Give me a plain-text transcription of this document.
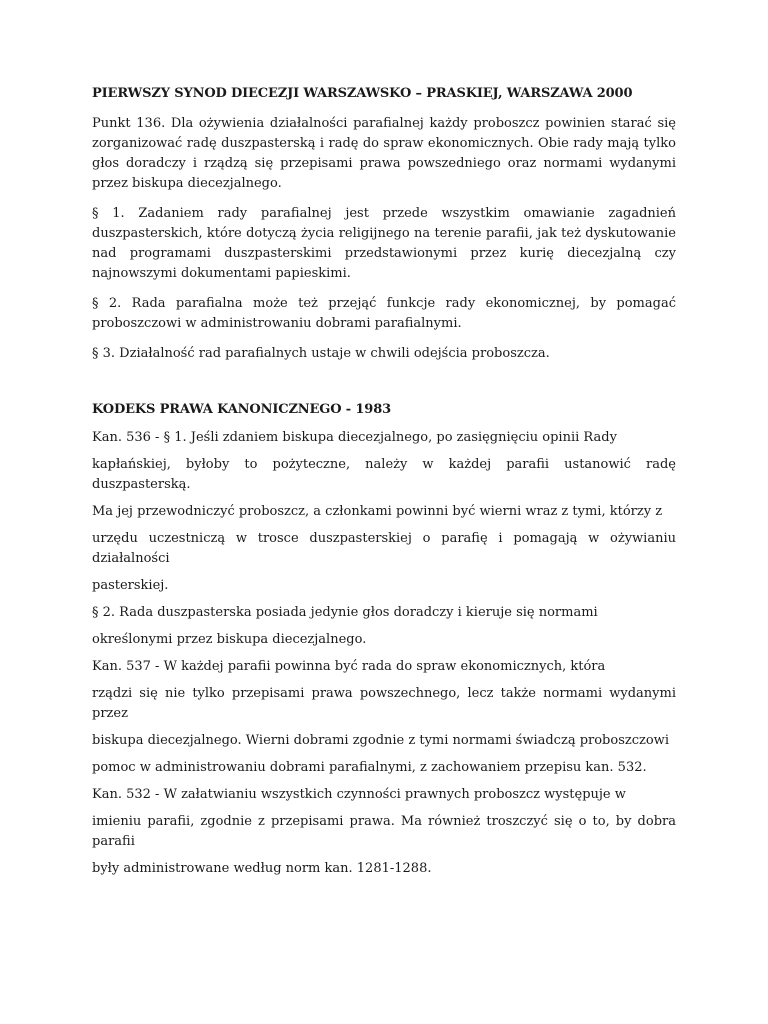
PIERWSZY SYNOD DIECEZJI WARSZAWSKO – PRASKIEJ, WARSZAWA 2000

Punkt 136. Dla ożywienia działalności parafialnej każdy proboszcz powinien starać się zorganizować radę duszpasterską i radę do spraw ekonomicznych. Obie rady mają tylko głos doradczy i rządzą się przepisami prawa powszedniego oraz normami wydanymi przez biskupa diecezjalnego.

§ 1. Zadaniem rady parafialnej jest przede wszystkim omawianie zagadnień duszpasterskich, które dotyczą życia religijnego na terenie parafii, jak też dyskutowanie nad programami duszpasterskimi przedstawionymi przez kurię diecezjalną czy najnowszymi dokumentami papieskimi.

§ 2. Rada parafialna może też przejąć funkcje rady ekonomicznej, by pomagać proboszczowi w administrowaniu dobrami parafialnymi.

§ 3. Działalność rad parafialnych ustaje w chwili odejścia proboszcza.

KODEKS PRAWA KANONICZNEGO - 1983

Kan. 536 - § 1. Jeśli zdaniem biskupa diecezjalnego, po zasięgnięciu opinii Rady

kapłańskiej, byłoby to pożyteczne, należy w każdej parafii ustanowić radę duszpasterską.

Ma jej przewodniczyć proboszcz, a członkami powinni być wierni wraz z tymi, którzy z

urzędu uczestniczą w trosce duszpasterskiej o parafię i pomagają w ożywianiu działalności

pasterskiej.

§ 2. Rada duszpasterska posiada jedynie głos doradczy i kieruje się normami

określonymi przez biskupa diecezjalnego.

Kan. 537 - W każdej parafii powinna być rada do spraw ekonomicznych, która

rządzi się nie tylko przepisami prawa powszechnego, lecz także normami wydanymi przez

biskupa diecezjalnego. Wierni dobrami zgodnie z tymi normami świadczą proboszczowi

pomoc w administrowaniu dobrami parafialnymi, z zachowaniem przepisu kan. 532.

Kan. 532 - W załatwianiu wszystkich czynności prawnych proboszcz występuje w

imieniu parafii, zgodnie z przepisami prawa. Ma również troszczyć się o to, by dobra parafii

były administrowane według norm kan. 1281-1288.
